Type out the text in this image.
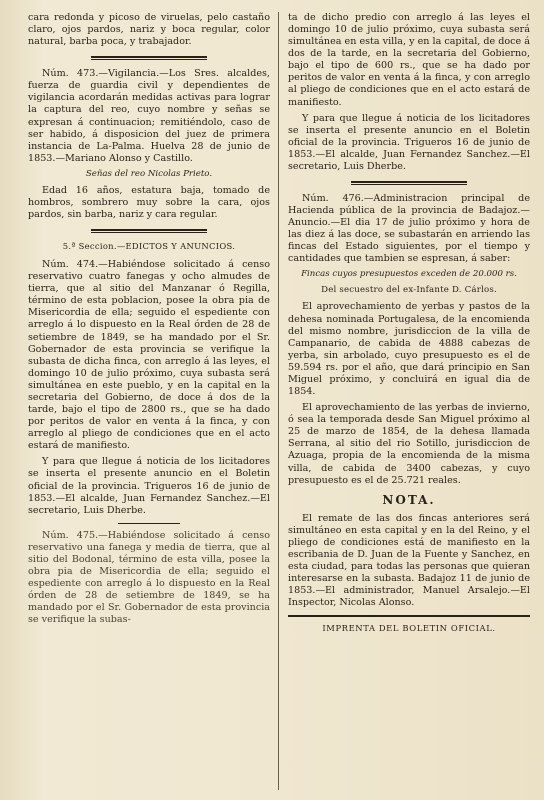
cara redonda y picoso de viruelas, pelo castaño claro, ojos pardos, nariz y boca regular, color natural, barba poca, y trabajador.

Núm. 473.—Vigilancia.—Los Sres. alcaldes, fuerza de guardia civil y dependientes de vigilancia acordarán medidas activas para lograr la captura del reo, cuyo nombre y señas se expresan á continuacion; remitiéndolo, caso de ser habido, á disposicion del juez de primera instancia de La-Palma. Huelva 28 de junio de 1853.—Mariano Alonso y Castillo.

Señas del reo Nicolas Prieto.

Edad 16 años, estatura baja, tomado de hombros, sombrero muy sobre la cara, ojos pardos, sin barba, nariz y cara regular.

5.ª Seccion.—EDICTOS Y ANUNCIOS.

Núm. 474.—Habiéndose solicitado á censo reservativo cuatro fanegas y ocho almudes de tierra, que al sitio del Manzanar ó Regilla, término de esta poblacion, posee la obra pia de Misericordia de ella; seguido el espediente con arreglo á lo dispuesto en la Real órden de 28 de setiembre de 1849, se ha mandado por el Sr. Gobernador de esta provincia se verifique la subasta de dicha finca, con arreglo á las leyes, el domingo 10 de julio próximo, cuya subasta será simultánea en este pueblo, y en la capital en la secretaria del Gobierno, de doce á dos de la tarde, bajo el tipo de 2800 rs., que se ha dado por peritos de valor en venta á la finca, y con arreglo al pliego de condiciones que en el acto estará de manifiesto.

Y para que llegue á noticia de los licitadores se inserta el presente anuncio en el Boletin oficial de la provincia. Trigueros 16 de junio de 1853.—El alcalde, Juan Fernandez Sanchez.—El secretario, Luis Dherbe.

Núm. 475.—Habiéndose solicitado á censo reservativo una fanega y media de tierra, que al sitio del Bodonal, término de esta villa, posee la obra pia de Misericordia de ella; seguido el espediente con arreglo á lo dispuesto en la Real órden de 28 de setiembre de 1849, se ha mandado por el Sr. Gobernador de esta provincia se verifique la subas-

ta de dicho predio con arreglo á las leyes el domingo 10 de julio próximo, cuya subasta será simultánea en esta villa, y en la capital, de doce á dos de la tarde, en la secretaria del Gobierno, bajo el tipo de 600 rs., que se ha dado por peritos de valor en venta á la finca, y con arreglo al pliego de condiciones que en el acto estará de manifiesto.

Y para que llegue á noticia de los licitadores se inserta el presente anuncio en el Boletin oficial de la provincia. Trigueros 16 de junio de 1853.—El alcalde, Juan Fernandez Sanchez.—El secretario, Luis Dherbe.

Núm. 476.—Administracion principal de Hacienda pública de la provincia de Badajoz.—Anuncio.—El dia 17 de julio próximo y hora de las diez á las doce, se subastarán en arriendo las fincas del Estado siguientes, por el tiempo y cantidades que tambien se espresan, á saber:

Fincas cuyos presupuestos exceden de 20.000 rs.
Del secuestro del ex-Infante D. Cárlos.

El aprovechamiento de yerbas y pastos de la dehesa nominada Portugalesa, de la encomienda del mismo nombre, jurisdiccion de la villa de Campanario, de cabida de 4888 cabezas de yerba, sin arbolado, cuyo presupuesto es el de 59.594 rs. por el año, que dará principio en San Miguel próximo, y concluirá en igual dia de 1854.

El aprovechamiento de las yerbas de invierno, ó sea la temporada desde San Miguel próximo al 25 de marzo de 1854, de la dehesa llamada Serrana, al sitio del rio Sotillo, jurisdiccion de Azuaga, propia de la encomienda de la misma villa, de cabida de 3400 cabezas, y cuyo presupuesto es el de 25.721 reales.

NOTA.

El remate de las dos fincas anteriores será simultáneo en esta capital y en la del Reino, y el pliego de condiciones está de manifiesto en la escribania de D. Juan de la Fuente y Sanchez, en esta ciudad, para todas las personas que quieran interesarse en la subasta. Badajoz 11 de junio de 1853.—El administrador, Manuel Arsalejo.—El Inspector, Nicolas Alonso.

IMPRENTA DEL BOLETIN OFICIAL.
